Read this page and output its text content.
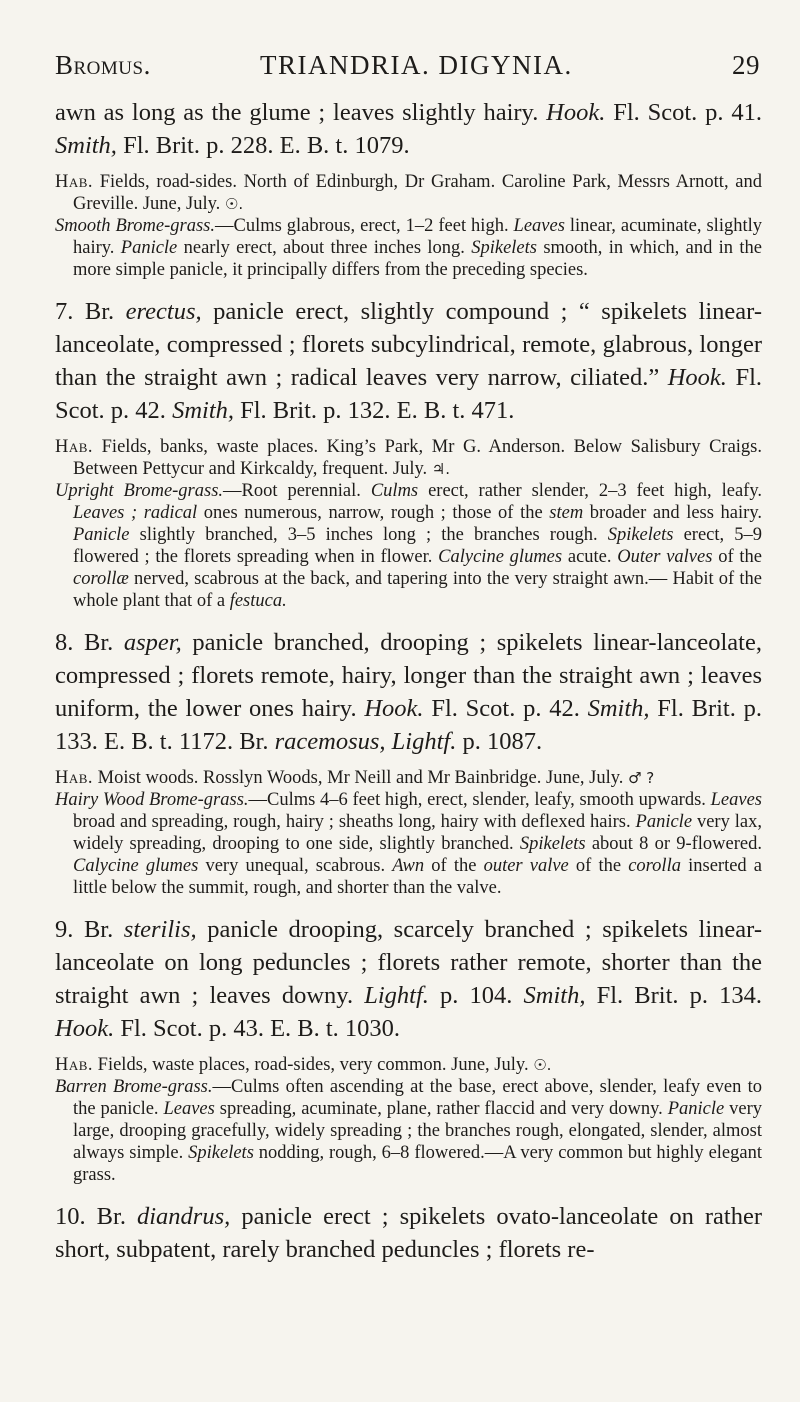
Bromus.	TRIANDRIA. DIGYNIA.	29

awn as long as the glume ; leaves slightly hairy. Hook. Fl. Scot. p. 41. Smith, Fl. Brit. p. 228. E. B. t. 1079.

Hab. Fields, road-sides. North of Edinburgh, Dr Graham. Caroline Park, Messrs Arnott, and Greville. June, July. ☉.

Smooth Brome-grass.—Culms glabrous, erect, 1–2 feet high. Leaves linear, acuminate, slightly hairy. Panicle nearly erect, about three inches long. Spikelets smooth, in which, and in the more simple panicle, it principally differs from the preceding species.

7. Br. erectus, panicle erect, slightly compound ; “ spikelets linear-lanceolate, compressed ; florets subcylindrical, remote, glabrous, longer than the straight awn ; radical leaves very narrow, ciliated.” Hook. Fl. Scot. p. 42. Smith, Fl. Brit. p. 132. E. B. t. 471.

Hab. Fields, banks, waste places. King’s Park, Mr G. Anderson. Below Salisbury Craigs. Between Pettycur and Kirkcaldy, frequent. July. ♃.

Upright Brome-grass.—Root perennial. Culms erect, rather slender, 2–3 feet high, leafy. Leaves ; radical ones numerous, narrow, rough ; those of the stem broader and less hairy. Panicle slightly branched, 3–5 inches long ; the branches rough. Spikelets erect, 5–9 flowered ; the florets spreading when in flower. Calycine glumes acute. Outer valves of the corollæ nerved, scabrous at the back, and tapering into the very straight awn.— Habit of the whole plant that of a festuca.

8. Br. asper, panicle branched, drooping ; spikelets linear-lanceolate, compressed ; florets remote, hairy, longer than the straight awn ; leaves uniform, the lower ones hairy. Hook. Fl. Scot. p. 42. Smith, Fl. Brit. p. 133. E. B. t. 1172. Br. racemosus, Lightf. p. 1087.

Hab. Moist woods. Rosslyn Woods, Mr Neill and Mr Bainbridge. June, July. ♂ ?

Hairy Wood Brome-grass.—Culms 4–6 feet high, erect, slender, leafy, smooth upwards. Leaves broad and spreading, rough, hairy ; sheaths long, hairy with deflexed hairs. Panicle very lax, widely spreading, drooping to one side, slightly branched. Spikelets about 8 or 9-flowered. Calycine glumes very unequal, scabrous. Awn of the outer valve of the corolla inserted a little below the summit, rough, and shorter than the valve.

9. Br. sterilis, panicle drooping, scarcely branched ; spikelets linear-lanceolate on long peduncles ; florets rather remote, shorter than the straight awn ; leaves downy. Lightf. p. 104. Smith, Fl. Brit. p. 134. Hook. Fl. Scot. p. 43. E. B. t. 1030.

Hab. Fields, waste places, road-sides, very common. June, July. ☉.

Barren Brome-grass.—Culms often ascending at the base, erect above, slender, leafy even to the panicle. Leaves spreading, acuminate, plane, rather flaccid and very downy. Panicle very large, drooping gracefully, widely spreading ; the branches rough, elongated, slender, almost always simple. Spikelets nodding, rough, 6–8 flowered.—A very common but highly elegant grass.

10. Br. diandrus, panicle erect ; spikelets ovato-lanceolate on rather short, subpatent, rarely branched peduncles ; florets re-
